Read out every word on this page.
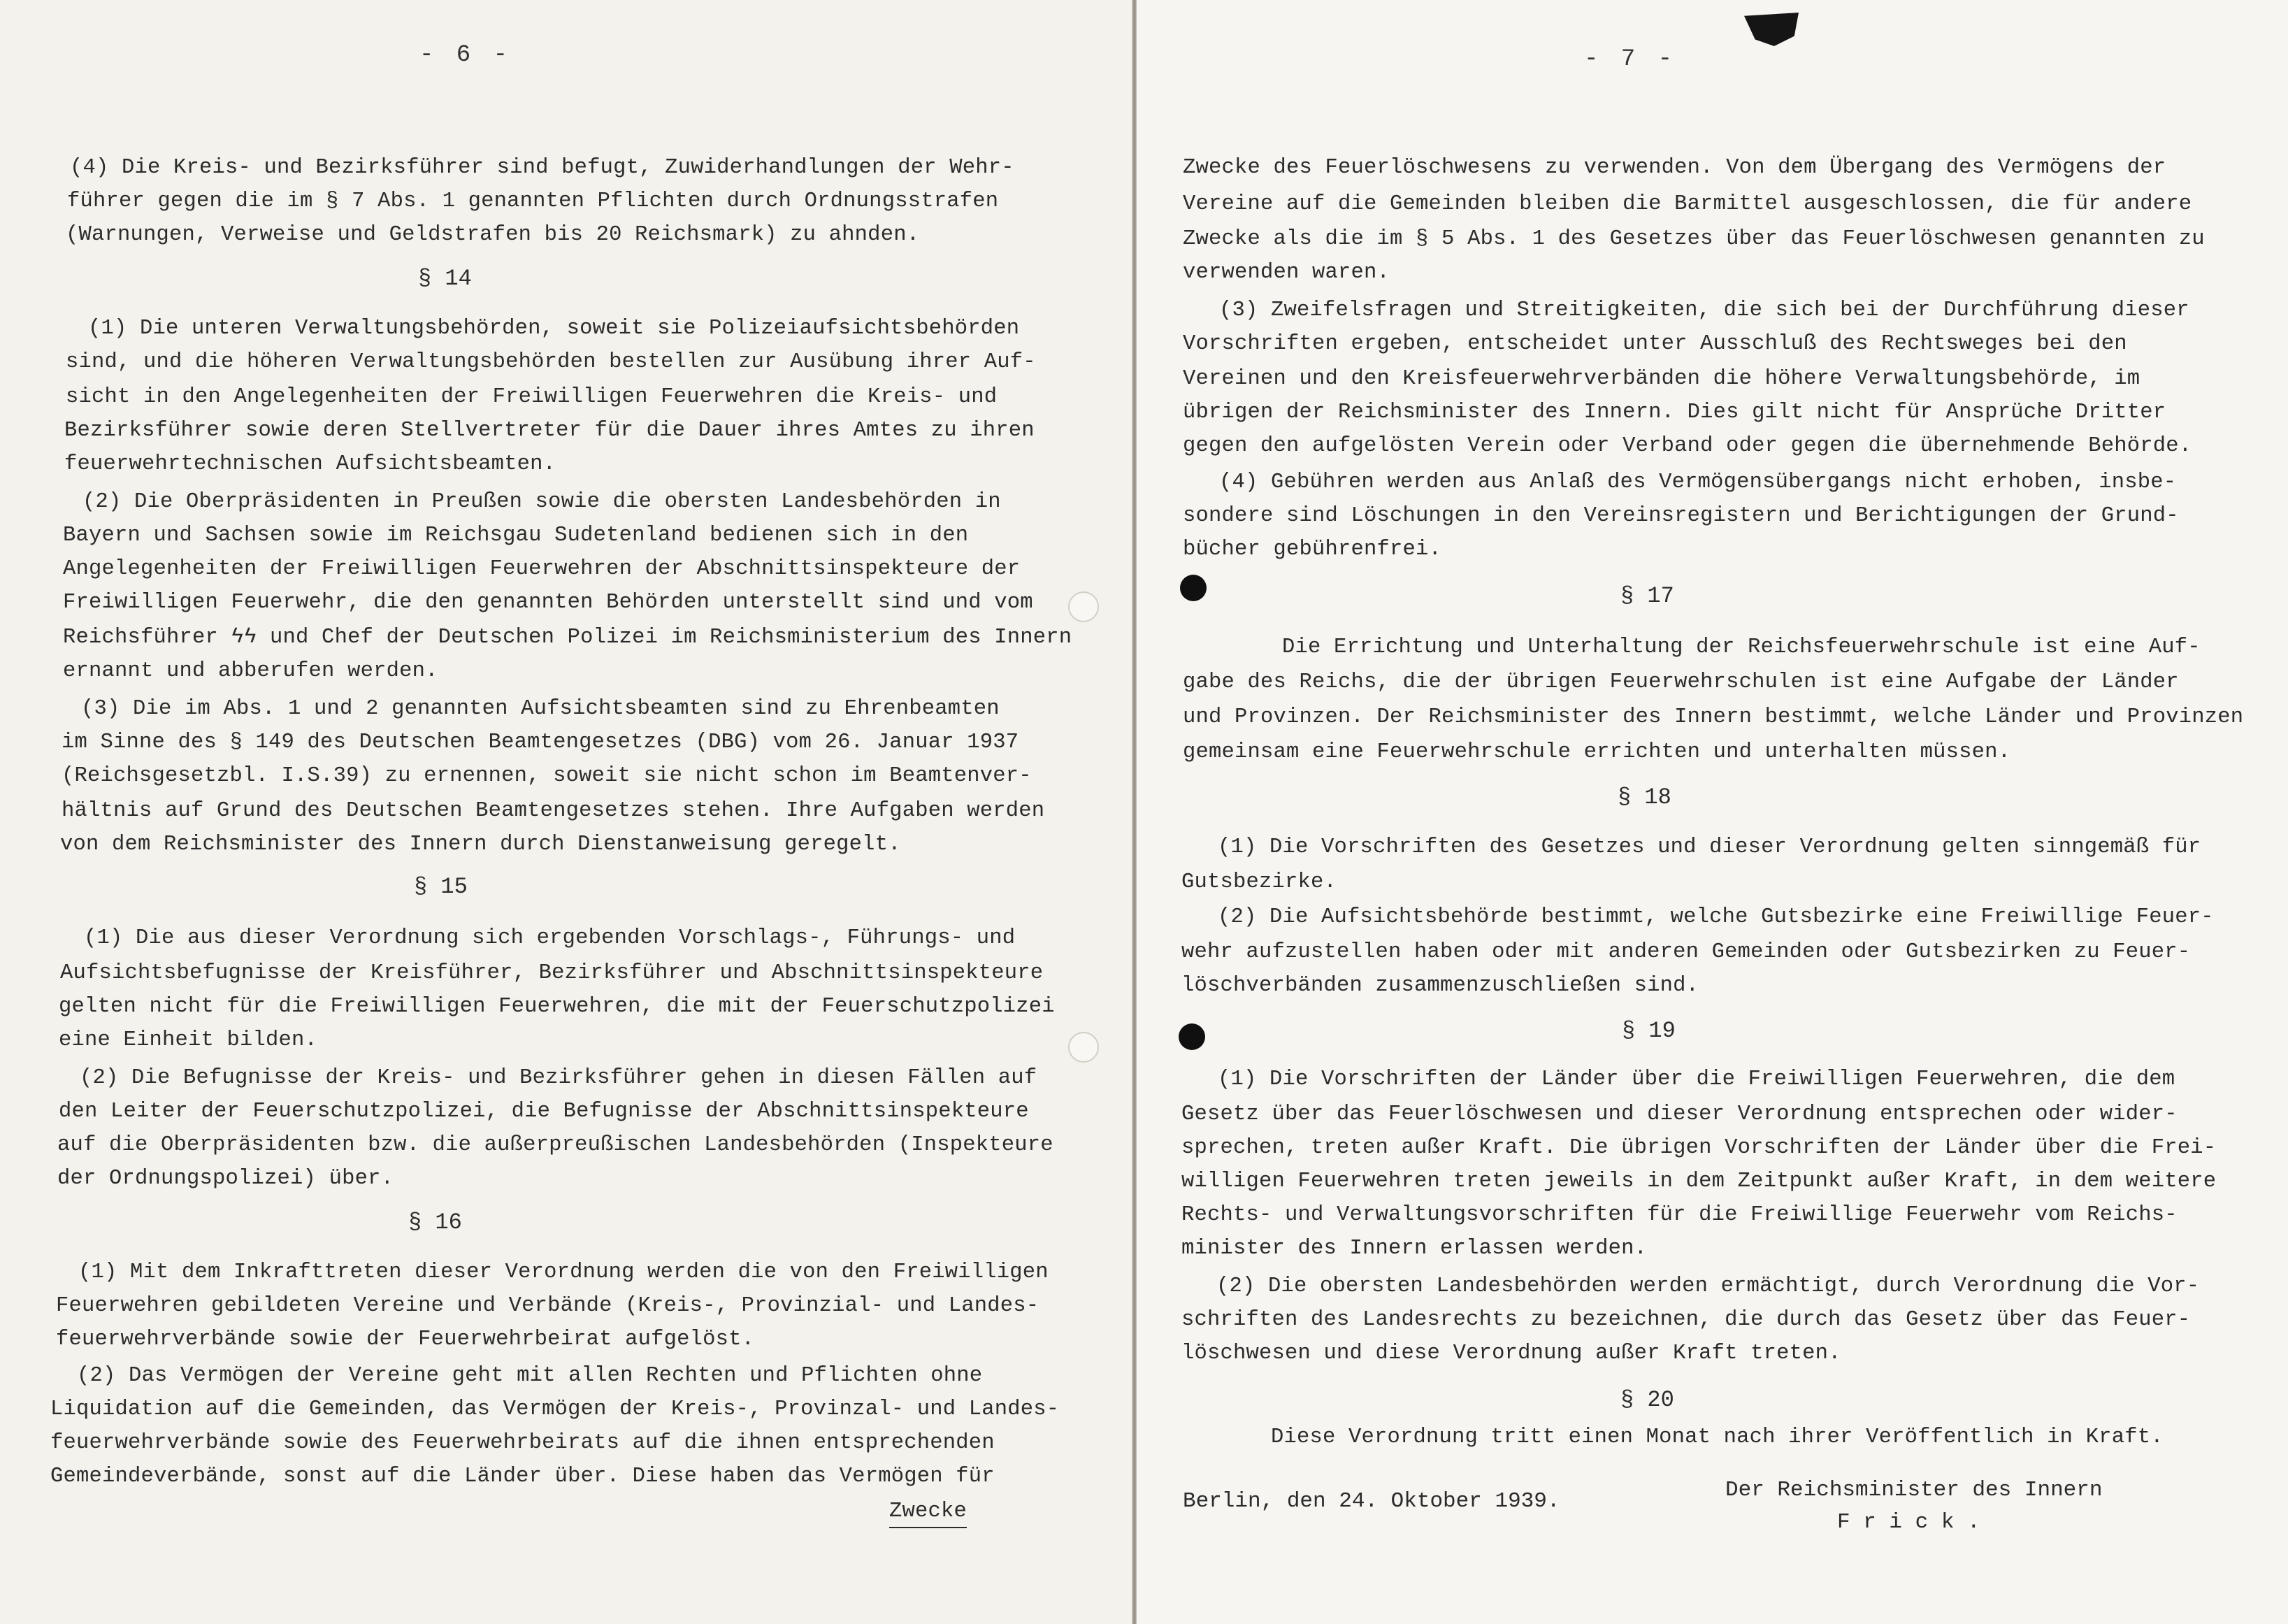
- 6 -
(4) Die Kreis- und Bezirksführer sind befugt, Zuwiderhandlungen der Wehr-
führer gegen die im § 7 Abs. 1 genannten Pflichten durch Ordnungsstrafen
(Warnungen, Verweise und Geldstrafen bis 20 Reichsmark) zu ahnden.
§ 14
(1) Die unteren Verwaltungsbehörden, soweit sie Polizeiaufsichtsbehörden
sind, und die höheren Verwaltungsbehörden bestellen zur Ausübung ihrer Auf-
sicht in den Angelegenheiten der Freiwilligen Feuerwehren die Kreis- und
Bezirksführer sowie deren Stellvertreter für die Dauer ihres Amtes zu ihren
feuerwehrtechnischen Aufsichtsbeamten.
(2) Die Oberpräsidenten in Preußen sowie die obersten Landesbehörden in
Bayern und Sachsen sowie im Reichsgau Sudetenland bedienen sich in den
Angelegenheiten der Freiwilligen Feuerwehren der Abschnittsinspekteure der
Freiwilligen Feuerwehr, die den genannten Behörden unterstellt sind und vom
Reichsführer ϟϟ und Chef der Deutschen Polizei im Reichsministerium des Innern
ernannt und abberufen werden.
(3) Die im Abs. 1 und 2 genannten Aufsichtsbeamten sind zu Ehrenbeamten
im Sinne des § 149 des Deutschen Beamtengesetzes (DBG) vom 26. Januar 1937
(Reichsgesetzbl. I.S.39) zu ernennen, soweit sie nicht schon im Beamtenver-
hältnis auf Grund des Deutschen Beamtengesetzes stehen. Ihre Aufgaben werden
von dem Reichsminister des Innern durch Dienstanweisung geregelt.
§ 15
(1) Die aus dieser Verordnung sich ergebenden Vorschlags-, Führungs- und
Aufsichtsbefugnisse der Kreisführer, Bezirksführer und Abschnittsinspekteure
gelten nicht für die Freiwilligen Feuerwehren, die mit der Feuerschutzpolizei
eine Einheit bilden.
(2) Die Befugnisse der Kreis- und Bezirksführer gehen in diesen Fällen auf
den Leiter der Feuerschutzpolizei, die Befugnisse der Abschnittsinspekteure
auf die Oberpräsidenten bzw. die außerpreußischen Landesbehörden (Inspekteure
der Ordnungspolizei) über.
§ 16
(1) Mit dem Inkrafttreten dieser Verordnung werden die von den Freiwilligen
Feuerwehren gebildeten Vereine und Verbände (Kreis-, Provinzial- und Landes-
feuerwehrverbände sowie der Feuerwehrbeirat aufgelöst.
(2) Das Vermögen der Vereine geht mit allen Rechten und Pflichten ohne
Liquidation auf die Gemeinden, das Vermögen der Kreis-, Provinzal- und Landes-
feuerwehrverbände sowie des Feuerwehrbeirats auf die ihnen entsprechenden
Gemeindeverbände, sonst auf die Länder über. Diese haben das Vermögen für
Zwecke
- 7 -
Zwecke des Feuerlöschwesens zu verwenden. Von dem Übergang des Vermögens der
Vereine auf die Gemeinden bleiben die Barmittel ausgeschlossen, die für andere
Zwecke als die im § 5 Abs. 1 des Gesetzes über das Feuerlöschwesen genannten zu
verwenden waren.
(3) Zweifelsfragen und Streitigkeiten, die sich bei der Durchführung dieser
Vorschriften ergeben, entscheidet unter Ausschluß des Rechtsweges bei den
Vereinen und den Kreisfeuerwehrverbänden die höhere Verwaltungsbehörde, im
übrigen der Reichsminister des Innern. Dies gilt nicht für Ansprüche Dritter
gegen den aufgelösten Verein oder Verband oder gegen die übernehmende Behörde.
(4) Gebühren werden aus Anlaß des Vermögensübergangs nicht erhoben, insbe-
sondere sind Löschungen in den Vereinsregistern und Berichtigungen der Grund-
bücher gebührenfrei.
§ 17
Die Errichtung und Unterhaltung der Reichsfeuerwehrschule ist eine Auf-
gabe des Reichs, die der übrigen Feuerwehrschulen ist eine Aufgabe der Länder
und Provinzen. Der Reichsminister des Innern bestimmt, welche Länder und Provinzen
gemeinsam eine Feuerwehrschule errichten und unterhalten müssen.
§ 18
(1) Die Vorschriften des Gesetzes und dieser Verordnung gelten sinngemäß für
Gutsbezirke.
(2) Die Aufsichtsbehörde bestimmt, welche Gutsbezirke eine Freiwillige Feuer-
wehr aufzustellen haben oder mit anderen Gemeinden oder Gutsbezirken zu Feuer-
löschverbänden zusammenzuschließen sind.
§ 19
(1) Die Vorschriften der Länder über die Freiwilligen Feuerwehren, die dem
Gesetz über das Feuerlöschwesen und dieser Verordnung entsprechen oder wider-
sprechen, treten außer Kraft. Die übrigen Vorschriften der Länder über die Frei-
willigen Feuerwehren treten jeweils in dem Zeitpunkt außer Kraft, in dem weitere
Rechts- und Verwaltungsvorschriften für die Freiwillige Feuerwehr vom Reichs-
minister des Innern erlassen werden.
(2) Die obersten Landesbehörden werden ermächtigt, durch Verordnung die Vor-
schriften des Landesrechts zu bezeichnen, die durch das Gesetz über das Feuer-
löschwesen und diese Verordnung außer Kraft treten.
§ 20
Diese Verordnung tritt einen Monat nach ihrer Veröffentlich in Kraft.
Berlin, den 24. Oktober 1939.	Der Reichsminister des Innern
F r i c k .
